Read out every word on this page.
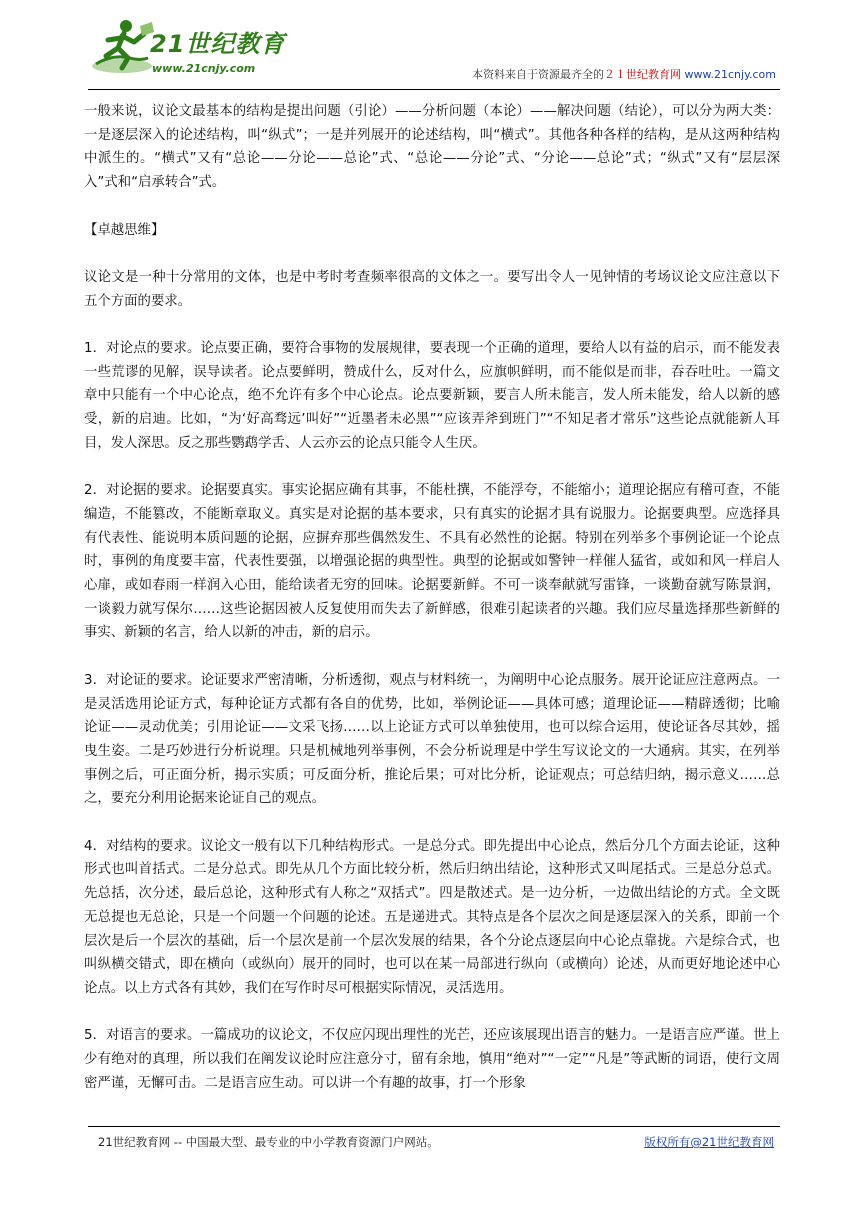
21世纪教育
www.21cnjy.com	本资料来自于资源最齐全的２１世纪教育网 www.21cnjy.com

一般来说，议论文最基本的结构是提出问题（引论）——分析问题（本论）——解决问题（结论），可以分为两大类：一是逐层深入的论述结构，叫“纵式”；一是并列展开的论述结构，叫“横式”。其他各种各样的结构，是从这两种结构中派生的。“横式”又有“总论——分论——总论”式、“总论——分论”式、“分论——总论”式；“纵式”又有“层层深入”式和“启承转合”式。

【卓越思维】

议论文是一种十分常用的文体，也是中考时考查频率很高的文体之一。要写出令人一见钟情的考场议论文应注意以下五个方面的要求。

1．对论点的要求。论点要正确，要符合事物的发展规律，要表现一个正确的道理，要给人以有益的启示，而不能发表一些荒谬的见解，误导读者。论点要鲜明，赞成什么，反对什么，应旗帜鲜明，而不能似是而非，吞吞吐吐。一篇文章中只能有一个中心论点，绝不允许有多个中心论点。论点要新颖，要言人所未能言，发人所未能发，给人以新的感受，新的启迪。比如，“为‘好高骛远’叫好”“近墨者未必黑”“应该弄斧到班门”“不知足者才常乐”这些论点就能新人耳目，发人深思。反之那些鹦鹉学舌、人云亦云的论点只能令人生厌。

2．对论据的要求。论据要真实。事实论据应确有其事，不能杜撰，不能浮夸，不能缩小；道理论据应有稽可查，不能编造，不能篡改，不能断章取义。真实是对论据的基本要求，只有真实的论据才具有说服力。论据要典型。应选择具有代表性、能说明本质问题的论据，应摒弃那些偶然发生、不具有必然性的论据。特别在列举多个事例论证一个论点时，事例的角度要丰富，代表性要强，以增强论据的典型性。典型的论据或如警钟一样催人猛省，或如和风一样启人心扉，或如春雨一样润入心田，能给读者无穷的回味。论据要新鲜。不可一谈奉献就写雷锋，一谈勤奋就写陈景润，一谈毅力就写保尔……这些论据因被人反复使用而失去了新鲜感，很难引起读者的兴趣。我们应尽量选择那些新鲜的事实、新颖的名言，给人以新的冲击，新的启示。

3．对论证的要求。论证要求严密清晰，分析透彻，观点与材料统一，为阐明中心论点服务。展开论证应注意两点。一是灵活选用论证方式，每种论证方式都有各自的优势，比如，举例论证——具体可感；道理论证——精辟透彻；比喻论证——灵动优美；引用论证——文采飞扬……以上论证方式可以单独使用，也可以综合运用，使论证各尽其妙，摇曳生姿。二是巧妙进行分析说理。只是机械地列举事例，不会分析说理是中学生写议论文的一大通病。其实，在列举事例之后，可正面分析，揭示实质；可反面分析，推论后果；可对比分析，论证观点；可总结归纳，揭示意义……总之，要充分利用论据来论证自己的观点。

4．对结构的要求。议论文一般有以下几种结构形式。一是总分式。即先提出中心论点，然后分几个方面去论证，这种形式也叫首括式。二是分总式。即先从几个方面比较分析，然后归纳出结论，这种形式又叫尾括式。三是总分总式。先总括，次分述，最后总论，这种形式有人称之“双括式”。四是散述式。是一边分析，一边做出结论的方式。全文既无总提也无总论，只是一个问题一个问题的论述。五是递进式。其特点是各个层次之间是逐层深入的关系，即前一个层次是后一个层次的基础，后一个层次是前一个层次发展的结果，各个分论点逐层向中心论点靠拢。六是综合式，也叫纵横交错式，即在横向（或纵向）展开的同时，也可以在某一局部进行纵向（或横向）论述，从而更好地论述中心论点。以上方式各有其妙，我们在写作时尽可根据实际情况，灵活选用。

5．对语言的要求。一篇成功的议论文，不仅应闪现出理性的光芒，还应该展现出语言的魅力。一是语言应严谨。世上少有绝对的真理，所以我们在阐发议论时应注意分寸，留有余地，慎用“绝对”“一定”“凡是”等武断的词语，使行文周密严谨，无懈可击。二是语言应生动。可以讲一个有趣的故事，打一个形象

21世纪教育网 -- 中国最大型、最专业的中小学教育资源门户网站。	版权所有@21世纪教育网
